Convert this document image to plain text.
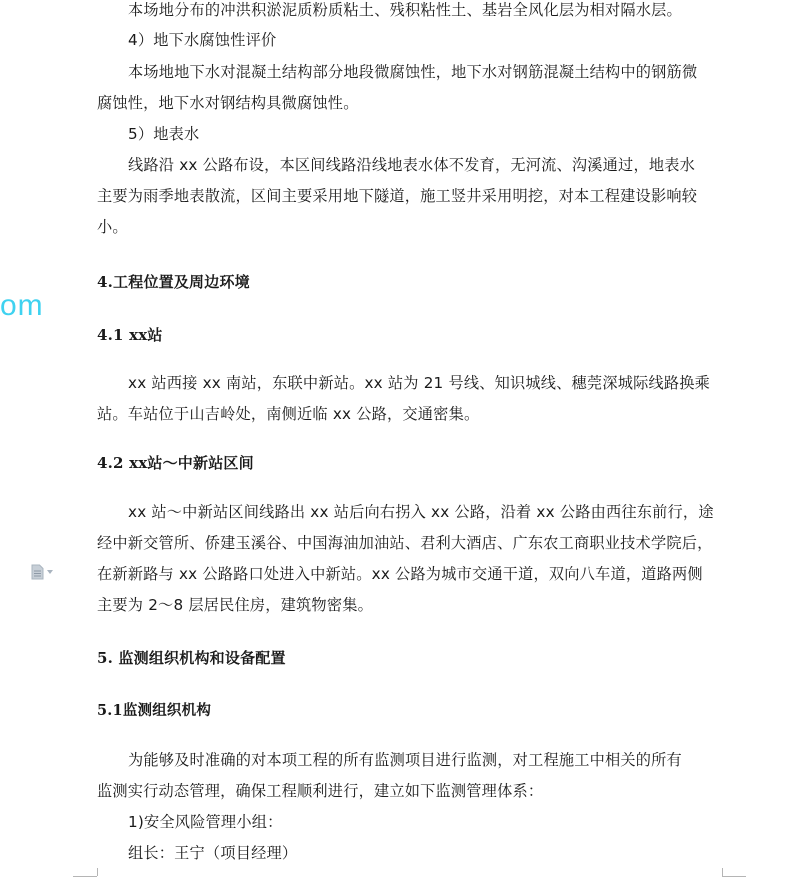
本场地分布的冲洪积淤泥质粉质粘土、残积粘性土、基岩全风化层为相对隔水层。
4）地下水腐蚀性评价
本场地地下水对混凝土结构部分地段微腐蚀性，地下水对钢筋混凝土结构中的钢筋微
腐蚀性，地下水对钢结构具微腐蚀性。
5）地表水
线路沿 xx 公路布设，本区间线路沿线地表水体不发育，无河流、沟溪通过，地表水
主要为雨季地表散流，区间主要采用地下隧道，施工竖井采用明挖，对本工程建设影响较
小。
4.工程位置及周边环境
om
4.1 xx站
xx 站西接 xx 南站，东联中新站。xx 站为 21 号线、知识城线、穗莞深城际线路换乘
站。车站位于山吉岭处，南侧近临 xx 公路，交通密集。
4.2 xx站～中新站区间
xx 站～中新站区间线路出 xx 站后向右拐入 xx 公路，沿着 xx 公路由西往东前行，途
经中新交管所、侨建玉溪谷、中国海油加油站、君利大酒店、广东农工商职业技术学院后，
在新新路与 xx 公路路口处进入中新站。xx 公路为城市交通干道，双向八车道，道路两侧
主要为 2～8 层居民住房，建筑物密集。
5. 监测组织机构和设备配置
5.1监测组织机构
为能够及时准确的对本项工程的所有监测项目进行监测，对工程施工中相关的所有
监测实行动态管理，确保工程顺利进行，建立如下监测管理体系：
1)安全风险管理小组：
组长：王宁（项目经理）
